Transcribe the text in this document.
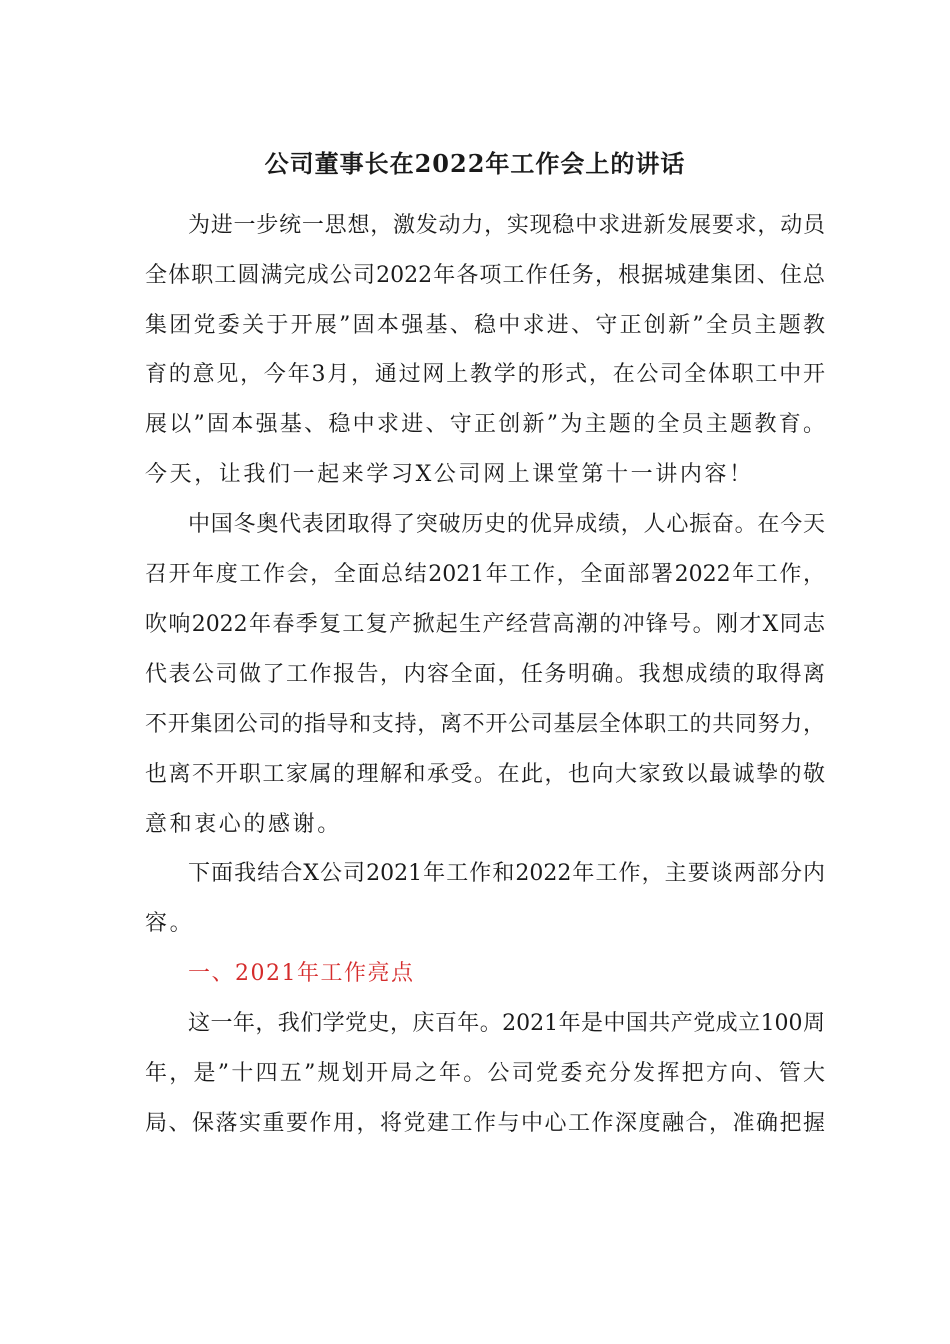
公司董事长在2022年工作会上的讲话
为进一步统一思想，激发动力，实现稳中求进新发展要求，动员
全体职工圆满完成公司2022年各项工作任务，根据城建集团、住总
集团党委关于开展”固本强基、稳中求进、守正创新”全员主题教
育的意见，今年3月，通过网上教学的形式，在公司全体职工中开
展以”固本强基、稳中求进、守正创新”为主题的全员主题教育。
今天，让我们一起来学习X公司网上课堂第十一讲内容！
中国冬奥代表团取得了突破历史的优异成绩，人心振奋。在今天
召开年度工作会，全面总结2021年工作，全面部署2022年工作，
吹响2022年春季复工复产掀起生产经营高潮的冲锋号。刚才X同志
代表公司做了工作报告，内容全面，任务明确。我想成绩的取得离
不开集团公司的指导和支持，离不开公司基层全体职工的共同努力，
也离不开职工家属的理解和承受。在此，也向大家致以最诚挚的敬
意和衷心的感谢。
下面我结合X公司2021年工作和2022年工作，主要谈两部分内
容。
一、2021年工作亮点
这一年，我们学党史，庆百年。2021年是中国共产党成立100周
年，是”十四五”规划开局之年。公司党委充分发挥把方向、管大
局、保落实重要作用，将党建工作与中心工作深度融合，准确把握
